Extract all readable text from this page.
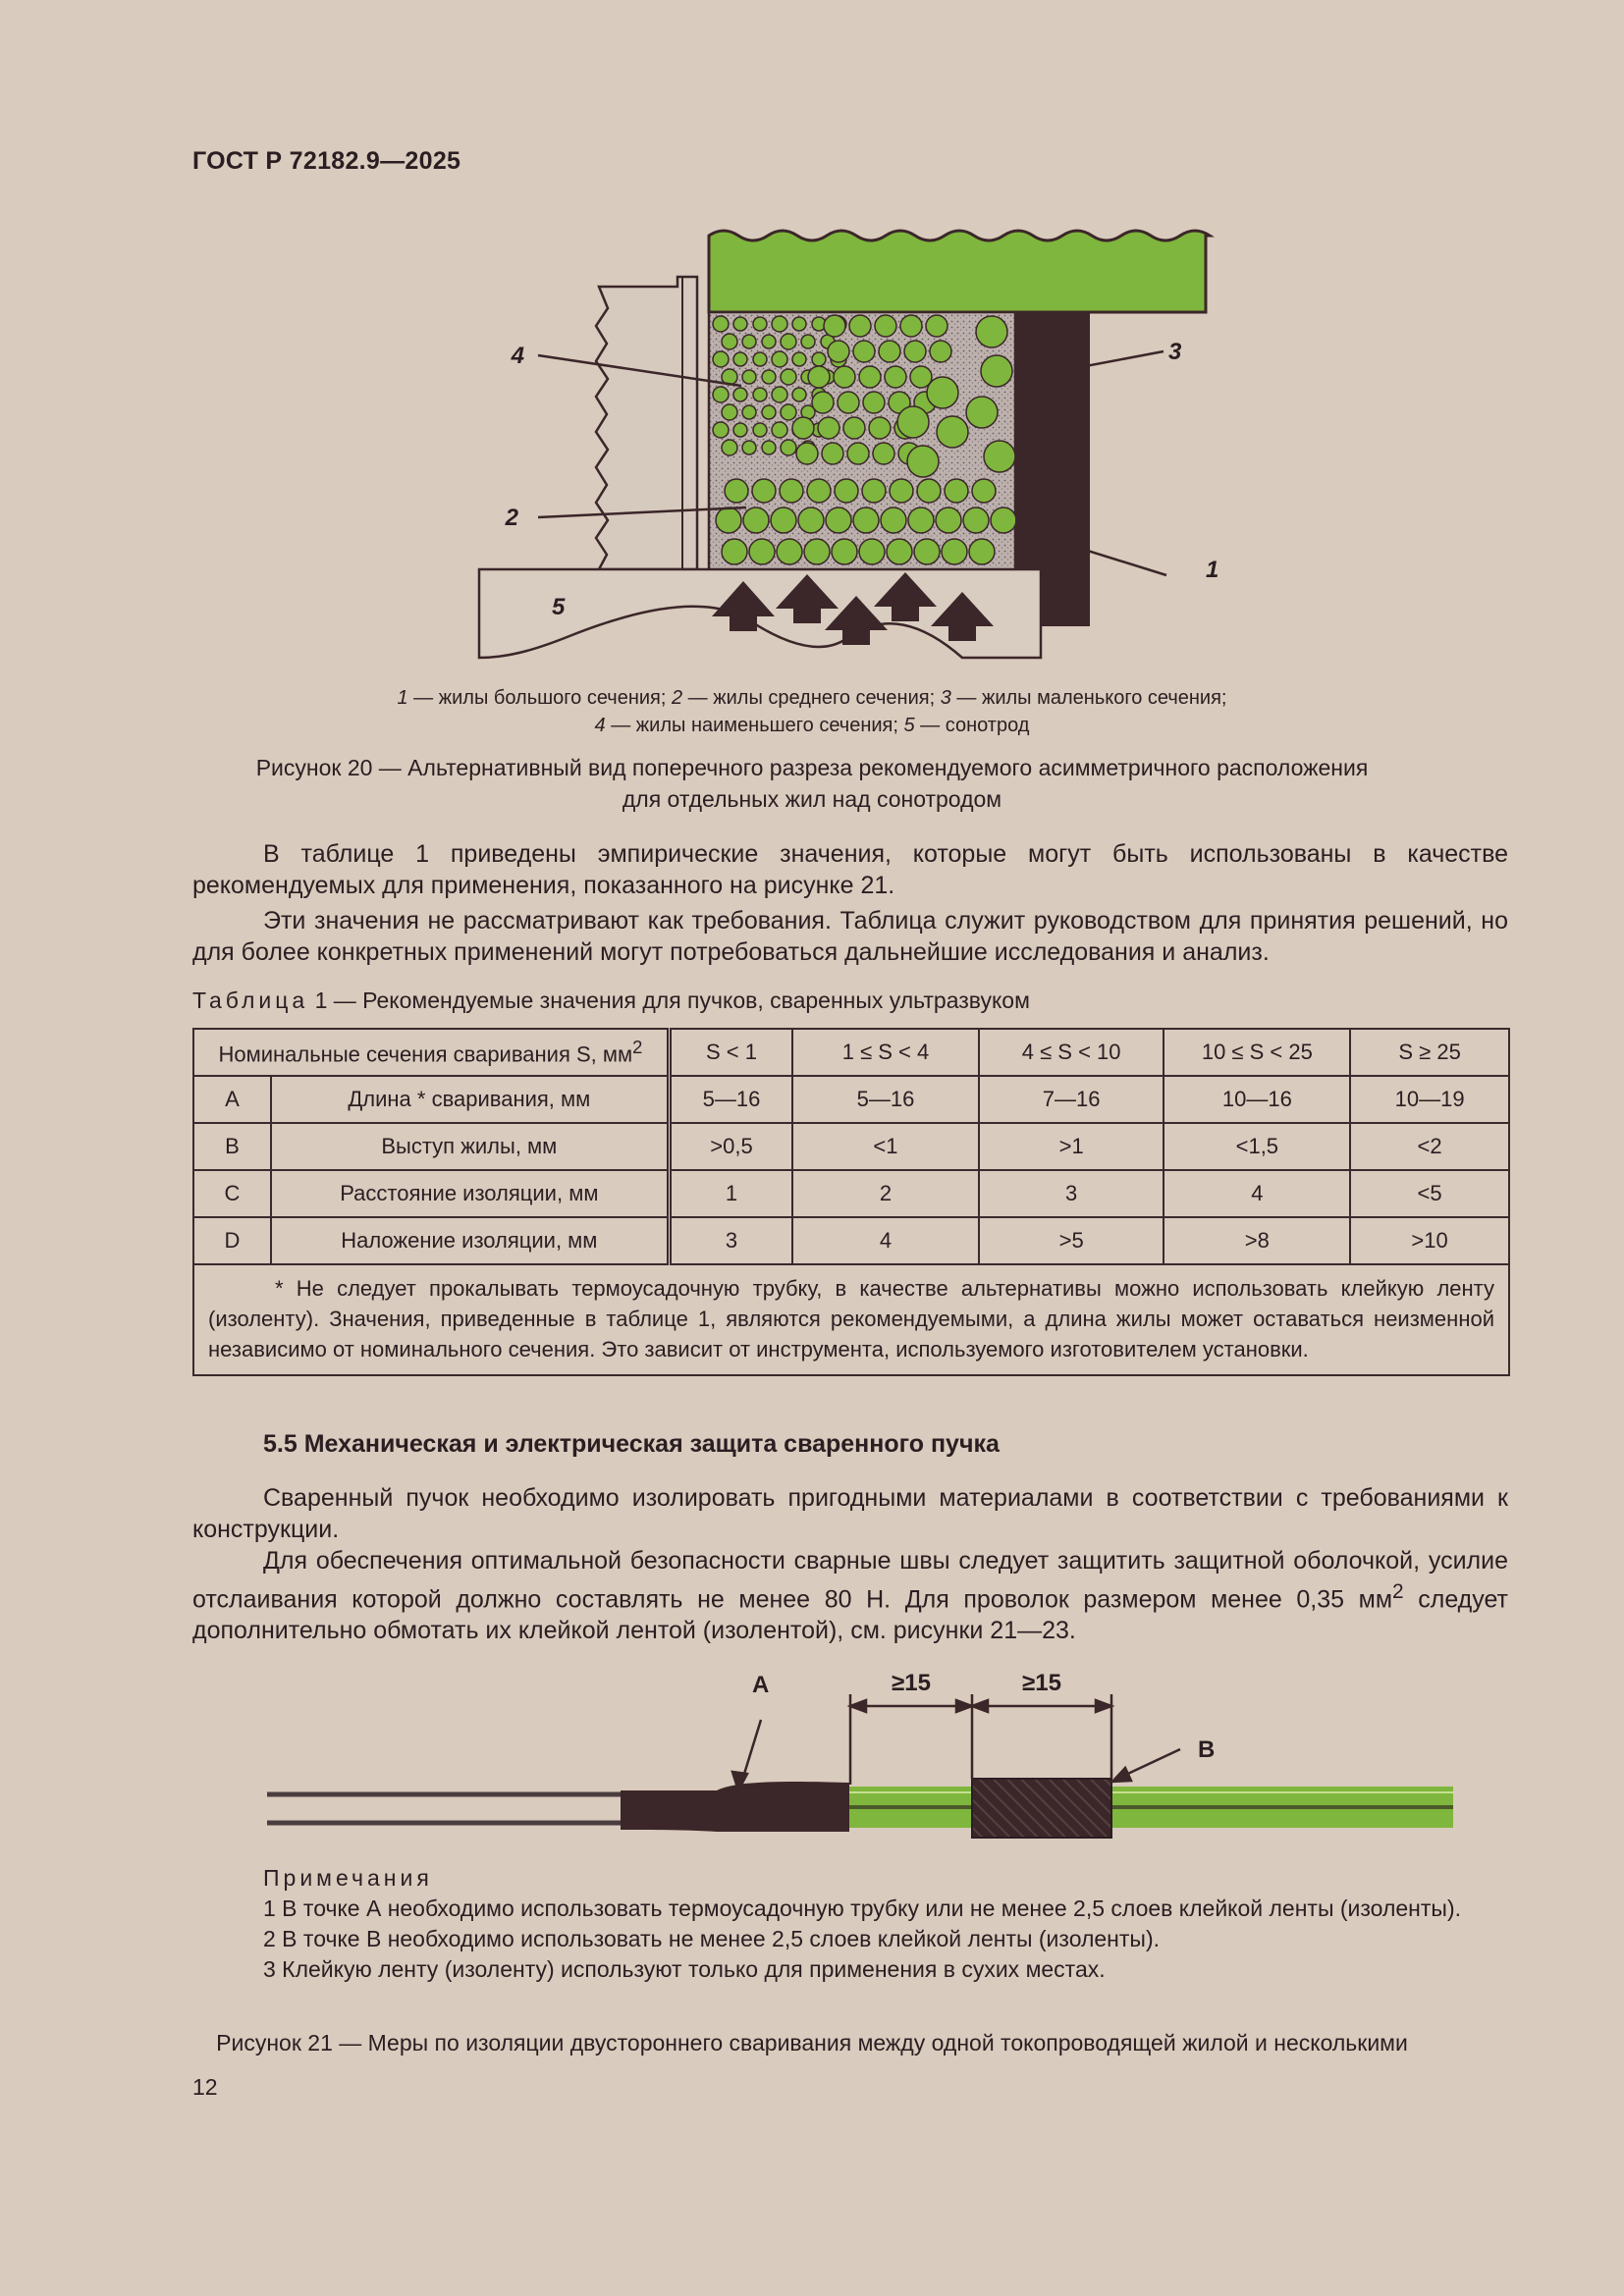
ГОСТ Р 72182.9—2025
4
2
3
1
5
1 — жилы большого сечения; 2 — жилы среднего сечения; 3 — жилы маленького сечения;
4 — жилы наименьшего сечения; 5 — сонотрод
Рисунок 20 — Альтернативный вид поперечного разреза рекомендуемого асимметричного расположения
для отдельных жил над сонотродом
В таблице 1 приведены эмпирические значения, которые могут быть использованы в качестве рекомендуемых для применения, показанного на рисунке 21.
Эти значения не рассматривают как требования. Таблица служит руководством для принятия решений, но для более конкретных применений могут потребоваться дальнейшие исследования и анализ.
Таблица 1 — Рекомендуемые значения для пучков, сваренных ультразвуком
Номинальные сечения сваривания S, $мм^2$		S < 1	1 ≤ S < 4	4 ≤ S < 10	10 ≤ S < 25	S ≥ 25
A	Длина * сваривания, мм	5—16	5—16	7—16	10—16	10—19
B	Выступ жилы, мм	>0,5	<1	>1	<1,5	<2
C	Расстояние изоляции, мм	1	2	3	4	<5
D	Наложение изоляции, мм	3	4	>5	>8	>10
* Не следует прокалывать термоусадочную трубку, в качестве альтернативы можно использовать клейкую ленту (изоленту). Значения, приведенные в таблице 1, являются рекомендуемыми, а длина жилы может оставаться неизменной независимо от номинального сечения. Это зависит от инструмента, используемого изготовителем установки.						
5.5 Механическая и электрическая защита сваренного пучка
Сваренный пучок необходимо изолировать пригодными материалами в соответствии с требованиями к конструкции.
Для обеспечения оптимальной безопасности сварные швы следует защитить защитной оболочкой, усилие отслаивания которой должно составлять не менее 80 Н. Для проволок размером менее 0,35 $мм^2$ следует дополнительно обмотать их клейкой лентой (изолентой), см. рисунки 21—23.
A
B
≥15	≥15
Примечания
1 В точке А необходимо использовать термоусадочную трубку или не менее 2,5 слоев клейкой ленты (изоленты).
2 В точке В необходимо использовать не менее 2,5 слоев клейкой ленты (изоленты).
3 Клейкую ленту (изоленту) используют только для применения в сухих местах.
Рисунок 21 — Меры по изоляции двустороннего сваривания между одной токопроводящей жилой и несколькими
12
